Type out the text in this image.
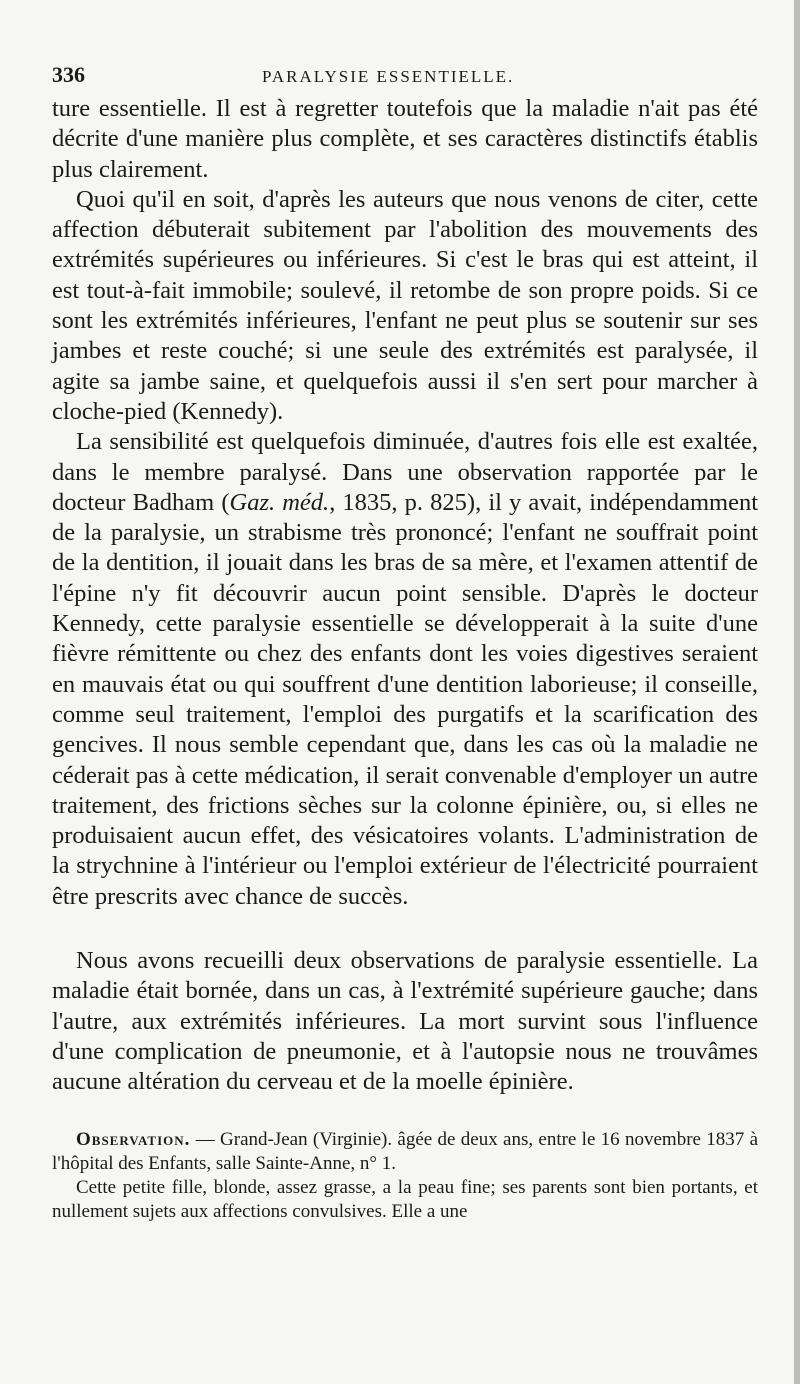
336	PARALYSIE ESSENTIELLE.

ture essentielle. Il est à regretter toutefois que la maladie n'ait pas été décrite d'une manière plus complète, et ses caractères distinctifs établis plus clairement.

Quoi qu'il en soit, d'après les auteurs que nous venons de citer, cette affection débuterait subitement par l'abolition des mouvements des extrémités supérieures ou inférieures. Si c'est le bras qui est atteint, il est tout-à-fait immobile; soulevé, il retombe de son propre poids. Si ce sont les extrémités inférieures, l'enfant ne peut plus se soutenir sur ses jambes et reste couché; si une seule des extrémités est paralysée, il agite sa jambe saine, et quelquefois aussi il s'en sert pour marcher à cloche-pied (Kennedy).

La sensibilité est quelquefois diminuée, d'autres fois elle est exaltée, dans le membre paralysé. Dans une observation rapportée par le docteur Badham (Gaz. méd., 1835, p. 825), il y avait, indépendamment de la paralysie, un strabisme très prononcé; l'enfant ne souffrait point de la dentition, il jouait dans les bras de sa mère, et l'examen attentif de l'épine n'y fit découvrir aucun point sensible. D'après le docteur Kennedy, cette paralysie essentielle se développerait à la suite d'une fièvre rémittente ou chez des enfants dont les voies digestives seraient en mauvais état ou qui souffrent d'une dentition laborieuse; il conseille, comme seul traitement, l'emploi des purgatifs et la scarification des gencives. Il nous semble cependant que, dans les cas où la maladie ne céderait pas à cette médication, il serait convenable d'employer un autre traitement, des frictions sèches sur la colonne épinière, ou, si elles ne produisaient aucun effet, des vésicatoires volants. L'administration de la strychnine à l'intérieur ou l'emploi extérieur de l'électricité pourraient être prescrits avec chance de succès.

Nous avons recueilli deux observations de paralysie essentielle. La maladie était bornée, dans un cas, à l'extrémité supérieure gauche; dans l'autre, aux extrémités inférieures. La mort survint sous l'influence d'une complication de pneumonie, et à l'autopsie nous ne trouvâmes aucune altération du cerveau et de la moelle épinière.

Observation. — Grand-Jean (Virginie). âgée de deux ans, entre le 16 novembre 1837 à l'hôpital des Enfants, salle Sainte-Anne, n° 1.

Cette petite fille, blonde, assez grasse, a la peau fine; ses parents sont bien portants, et nullement sujets aux affections convulsives. Elle a une
